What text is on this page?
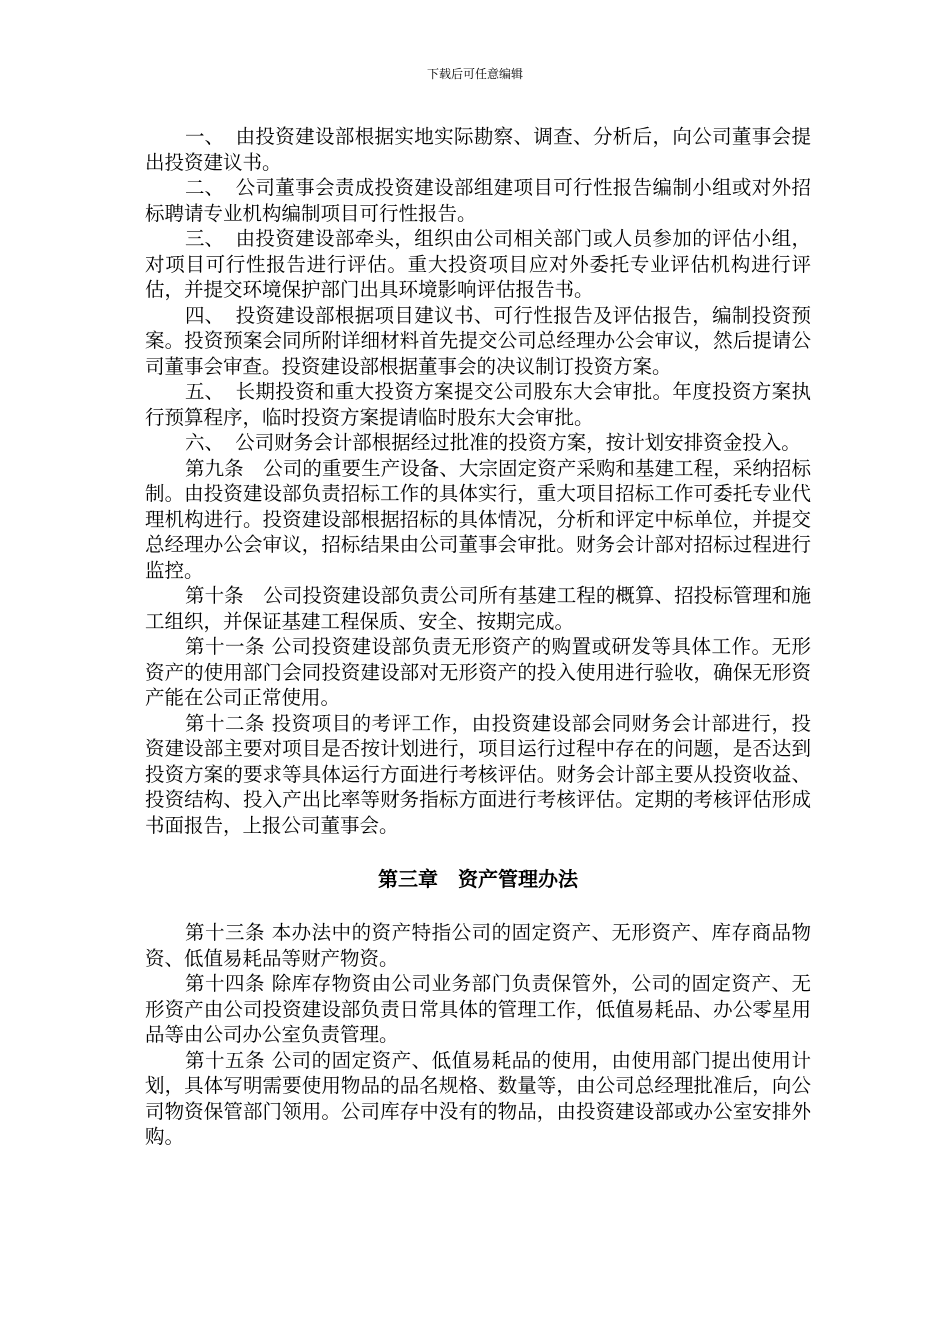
下载后可任意编辑

一、 由投资建设部根据实地实际勘察、调查、分析后，向公司董事会提出投资建议书。

二、 公司董事会责成投资建设部组建项目可行性报告编制小组或对外招标聘请专业机构编制项目可行性报告。

三、 由投资建设部牵头，组织由公司相关部门或人员参加的评估小组，对项目可行性报告进行评估。重大投资项目应对外委托专业评估机构进行评估，并提交环境保护部门出具环境影响评估报告书。

四、 投资建设部根据项目建议书、可行性报告及评估报告，编制投资预案。投资预案会同所附详细材料首先提交公司总经理办公会审议，然后提请公司董事会审查。投资建设部根据董事会的决议制订投资方案。

五、 长期投资和重大投资方案提交公司股东大会审批。年度投资方案执行预算程序，临时投资方案提请临时股东大会审批。

六、 公司财务会计部根据经过批准的投资方案，按计划安排资金投入。

第九条　 公司的重要生产设备、大宗固定资产采购和基建工程，采纳招标制。由投资建设部负责招标工作的具体实行，重大项目招标工作可委托专业代理机构进行。投资建设部根据招标的具体情况，分析和评定中标单位，并提交总经理办公会审议，招标结果由公司董事会审批。财务会计部对招标过程进行监控。

第十条　 公司投资建设部负责公司所有基建工程的概算、招投标管理和施工组织，并保证基建工程保质、安全、按期完成。

第十一条 公司投资建设部负责无形资产的购置或研发等具体工作。无形资产的使用部门会同投资建设部对无形资产的投入使用进行验收，确保无形资产能在公司正常使用。

第十二条 投资项目的考评工作，由投资建设部会同财务会计部进行，投资建设部主要对项目是否按计划进行，项目运行过程中存在的问题，是否达到投资方案的要求等具体运行方面进行考核评估。财务会计部主要从投资收益、投资结构、投入产出比率等财务指标方面进行考核评估。定期的考核评估形成书面报告，上报公司董事会。

第三章　资产管理办法

第十三条 本办法中的资产特指公司的固定资产、无形资产、库存商品物资、低值易耗品等财产物资。

第十四条 除库存物资由公司业务部门负责保管外，公司的固定资产、无形资产由公司投资建设部负责日常具体的管理工作，低值易耗品、办公零星用品等由公司办公室负责管理。

第十五条 公司的固定资产、低值易耗品的使用，由使用部门提出使用计划，具体写明需要使用物品的品名规格、数量等，由公司总经理批准后，向公司物资保管部门领用。公司库存中没有的物品，由投资建设部或办公室安排外购。
